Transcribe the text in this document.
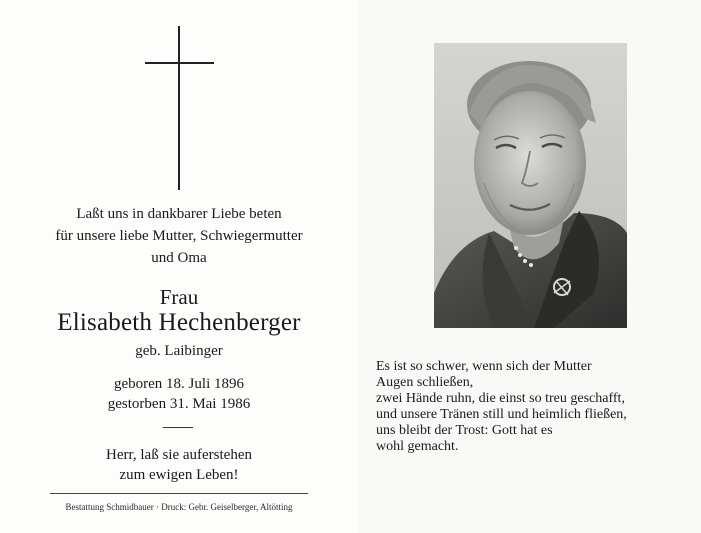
Laßt uns in dankbarer Liebe beten
für unsere liebe Mutter, Schwiegermutter
und Oma
Frau
Elisabeth Hechenberger
geb. Laibinger
geboren 18. Juli 1896
gestorben 31. Mai 1986
Herr, laß sie auferstehen
zum ewigen Leben!
Bestattung Schmidbauer · Druck: Gebr. Geiselberger, Altötting
Es ist so schwer, wenn sich der Mutter
Augen schließen,
zwei Hände ruhn, die einst so treu geschafft,
und unsere Tränen still und heimlich fließen,
uns bleibt der Trost: Gott hat es
wohl gemacht.
